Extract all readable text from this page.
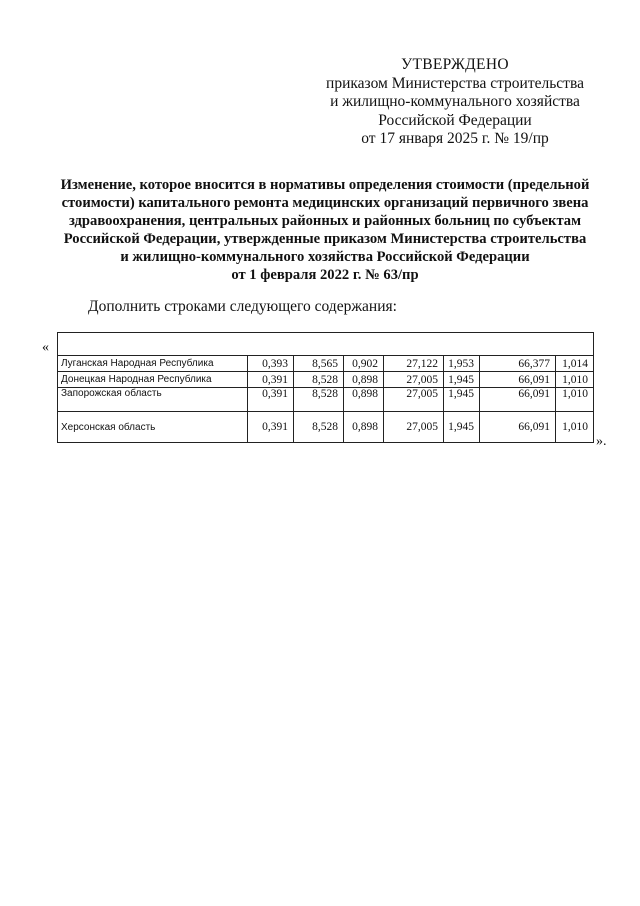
УТВЕРЖДЕНО
приказом Министерства строительства
и жилищно-коммунального хозяйства
Российской Федерации
от 17 января 2025 г. № 19/пр
Изменение, которое вносится в нормативы определения стоимости (предельной
стоимости) капитального ремонта медицинских организаций первичного звена
здравоохранения, центральных районных и районных больниц по субъектам
Российской Федерации, утвержденные приказом Министерства строительства
и жилищно-коммунального хозяйства Российской Федерации
от 1 февраля 2022 г. № 63/пр
Дополнить строками следующего содержания:
«

Луганская Народная Республика	0,393	8,565	0,902	27,122	1,953	66,377	1,014
Донецкая Народная Республика	0,391	8,528	0,898	27,005	1,945	66,091	1,010
Запорожская область	0,391	8,528	0,898	27,005	1,945	66,091	1,010
Херсонская область	0,391	8,528	0,898	27,005	1,945	66,091	1,010
».
